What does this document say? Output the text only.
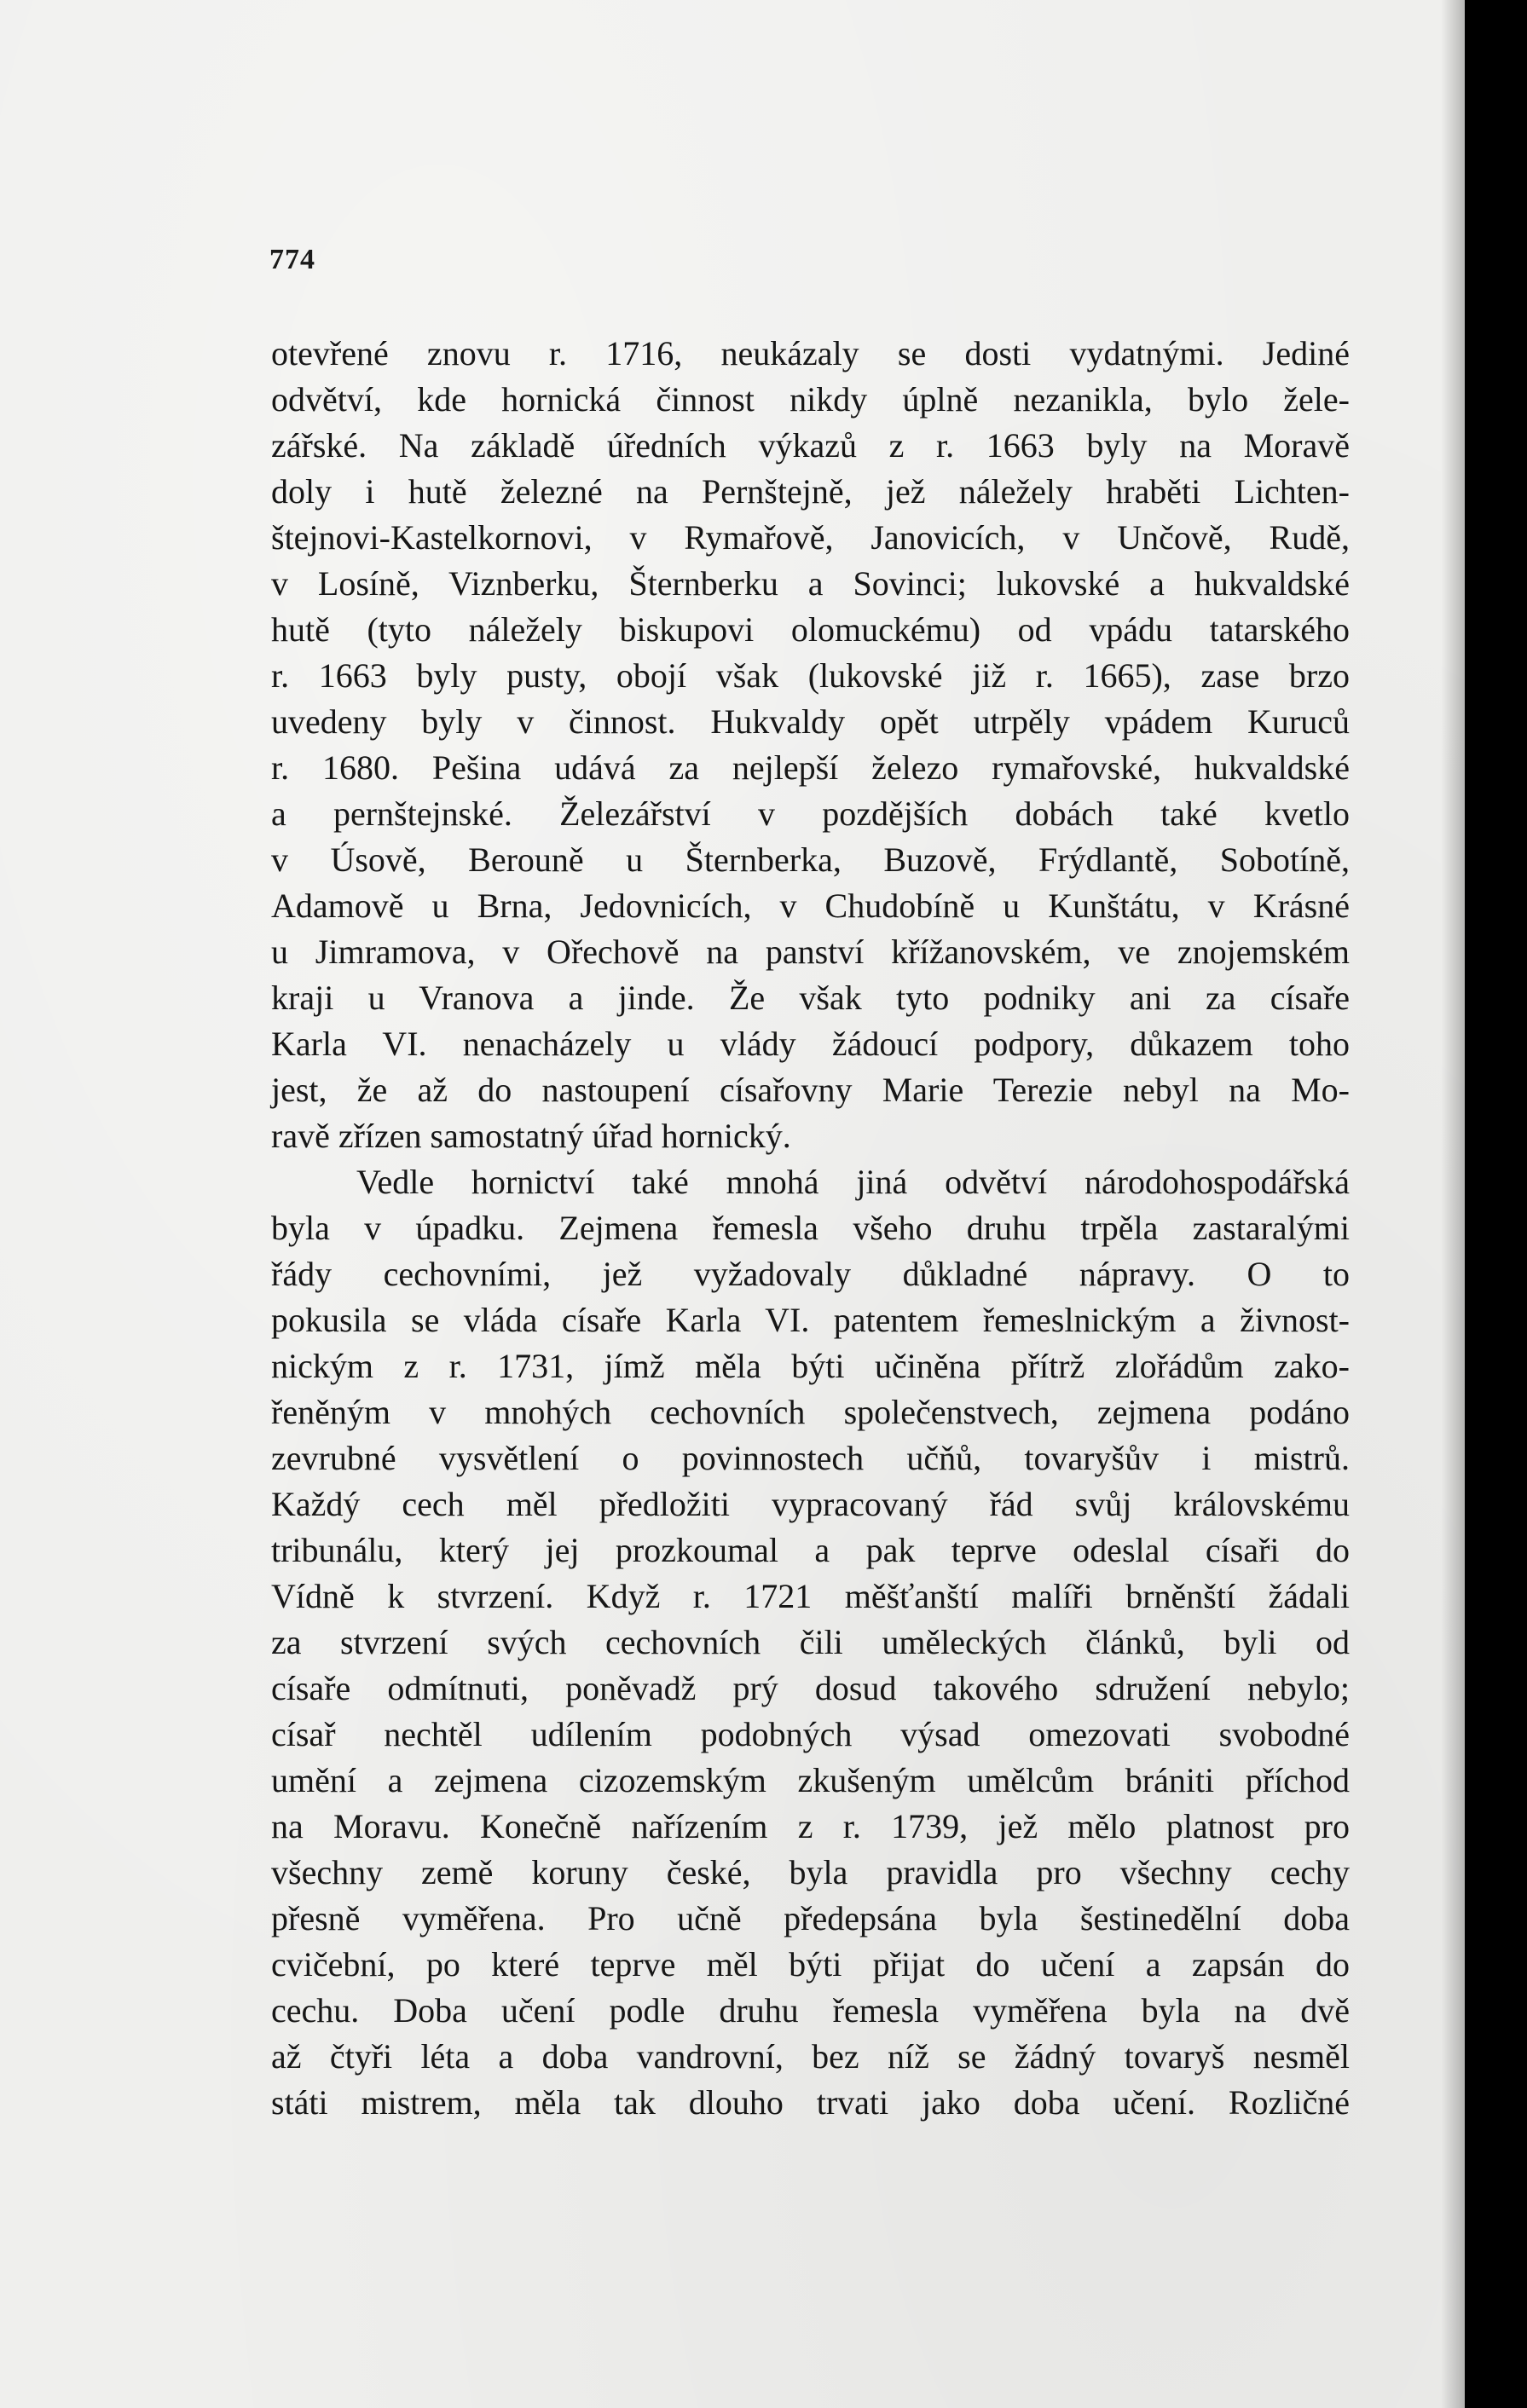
774
otevřené znovu r. 1716, neukázaly se dosti vydatnými. Jediné
odvětví, kde hornická činnost nikdy úplně nezanikla, bylo žele-
zářské. Na základě úředních výkazů z r. 1663 byly na Moravě
doly i hutě železné na Pernštejně, jež náležely hraběti Lichten-
štejnovi-Kastelkornovi, v Rymařově, Janovicích, v Unčově, Rudě,
v Losíně, Viznberku, Šternberku a Sovinci; lukovské a hukvaldské
hutě (tyto náležely biskupovi olomuckému) od vpádu tatarského
r. 1663 byly pusty, obojí však (lukovské již r. 1665), zase brzo
uvedeny byly v činnost. Hukvaldy opět utrpěly vpádem Kuruců
r. 1680. Pešina udává za nejlepší železo rymařovské, hukvaldské
a pernštejnské. Železářství v pozdějších dobách také kvetlo
v Úsově, Berouně u Šternberka, Buzově, Frýdlantě, Sobotíně,
Adamově u Brna, Jedovnicích, v Chudobíně u Kunštátu, v Krásné
u Jimramova, v Ořechově na panství křížanovském, ve znojemském
kraji u Vranova a jinde. Že však tyto podniky ani za císaře
Karla VI. nenacházely u vlády žádoucí podpory, důkazem toho
jest, že až do nastoupení císařovny Marie Terezie nebyl na Mo-
ravě zřízen samostatný úřad hornický.
Vedle hornictví také mnohá jiná odvětví národohospodářská
byla v úpadku. Zejmena řemesla všeho druhu trpěla zastaralými
řády cechovními, jež vyžadovaly důkladné nápravy. O to
pokusila se vláda císaře Karla VI. patentem řemeslnickým a živnost-
nickým z r. 1731, jímž měla býti učiněna přítrž zlořádům zako-
řeněným v mnohých cechovních společenstvech, zejmena podáno
zevrubné vysvětlení o povinnostech učňů, tovaryšův i mistrů.
Každý cech měl předložiti vypracovaný řád svůj královskému
tribunálu, který jej prozkoumal a pak teprve odeslal císaři do
Vídně k stvrzení. Když r. 1721 měšťanští malíři brněnští žádali
za stvrzení svých cechovních čili uměleckých článků, byli od
císaře odmítnuti, poněvadž prý dosud takového sdružení nebylo;
císař nechtěl udílením podobných výsad omezovati svobodné
umění a zejmena cizozemským zkušeným umělcům brániti příchod
na Moravu. Konečně nařízením z r. 1739, jež mělo platnost pro
všechny země koruny české, byla pravidla pro všechny cechy
přesně vyměřena. Pro učně předepsána byla šestinedělní doba
cvičební, po které teprve měl býti přijat do učení a zapsán do
cechu. Doba učení podle druhu řemesla vyměřena byla na dvě
až čtyři léta a doba vandrovní, bez níž se žádný tovaryš nesměl
státi mistrem, měla tak dlouho trvati jako doba učení. Rozličné
